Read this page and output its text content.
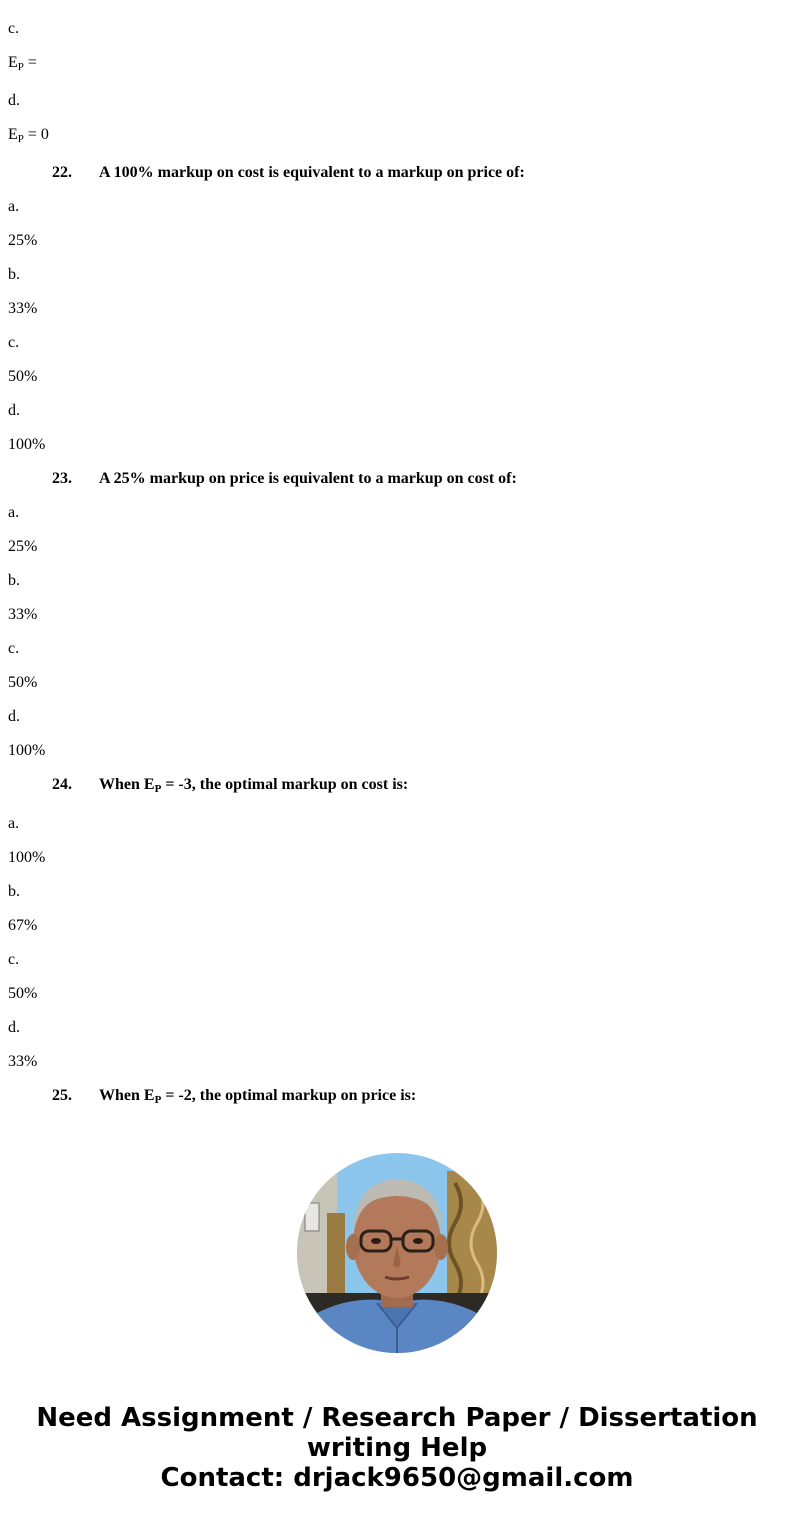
c.
$E_P$ =
d.
$E_P = 0$
22. A 100% markup on cost is equivalent to a markup on price of:
a.
25%
b.
33%
c.
50%
d.
100%
23. A 25% markup on price is equivalent to a markup on cost of:
a.
25%
b.
33%
c.
50%
d.
100%
24. When $E_P = -3$, the optimal markup on cost is:
a.
100%
b.
67%
c.
50%
d.
33%
25. When $E_P = -2$, the optimal markup on price is:
Need Assignment / Research Paper / Dissertation
writing Help
Contact: drjack9650@gmail.com
